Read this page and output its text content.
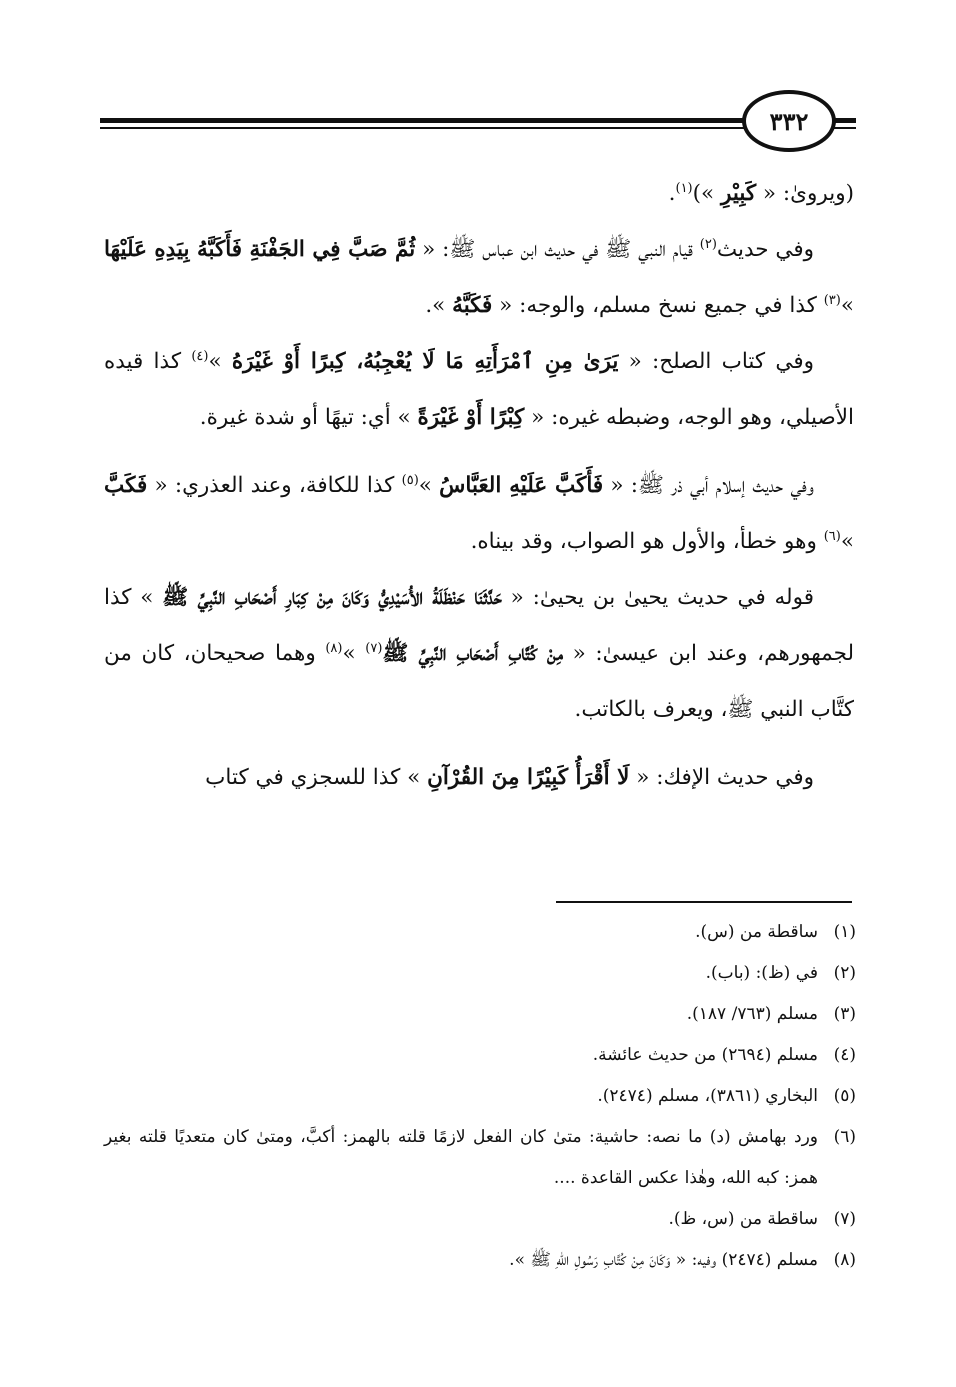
٣٣٢

(ويروىٰ: « كَبِيْرِ »)$^{(١)}$.

وفي حديث$^{(٢)}$ قيام النبي ﷺ في حديث ابن عباس ﷺ: « ثُمَّ صَبَّ فِي الجَفْنَةِ فَأَكَبَّهُ بِيَدِهِ عَلَيْهَا »$^{(٣)}$ كذا في جميع نسخ مسلم، والوجه: « فَكَبَّهُ ».

وفي كتاب الصلح: « يَرَىٰ مِنِ ٱمْرَأَتِهِ مَا لَا يُعْجِبُهُ، كِبرًا أَوْ غَيْرَهُ »$^{(٤)}$ كذا قيده الأصيلي، وهو الوجه، وضبطه غيره: « كِبْرًا أَوْ غَيْرَةً » أي: تيهًا أو شدة غيرة.

وفي حديث إسلام أبي ذر ﷺ: « فَأَكَبَّ عَلَيْهِ العَبَّاسُ »$^{(٥)}$ كذا للكافة، وعند العذري: « فَكَبَّ »$^{(٦)}$ وهو خطأ، والأول هو الصواب، وقد بيناه.

قوله في حديث يحيىٰ بن يحيىٰ: « حَدَّثَنَا حَنْظَلَةُ الأُسَيْدِيُّ وَكَانَ مِنْ كِبَارِ أَصْحَابِ النَّبِيِّ ﷺ » كذا لجمهورهم، وعند ابن عيسىٰ: « مِنْ كُتَّابِ أَصْحَابِ النَّبِيِّ ﷺ$^{(٧)}$ »$^{(٨)}$ وهما صحيحان، كان من كتَّاب النبي ﷺ، ويعرف بالكاتب.

وفي حديث الإفك: « لَا أَقْرَأُ كَبِيْرًا مِنَ القُرْآنِ » كذا للسجزي في كتاب

(١)
ساقطة من (س).
(٢)
في (ظ): (باب).
(٣)
مسلم (٧٦٣/ ١٨٧).
(٤)
مسلم (٢٦٩٤) من حديث عائشة.
(٥)
البخاري (٣٨٦١)، مسلم (٢٤٧٤).
(٦)
ورد بهامش (د) ما نصه: حاشية: متىٰ كان الفعل لازمًا قلته بالهمز: أكبَّ، ومتىٰ كان متعديًا قلته بغير همز: كبه الله، وهٰذا عكس القاعدة ....
(٧)
ساقطة من (س، ظ).
(٨)
مسلم (٢٤٧٤) وفيه: « وَكَانَ مِنْ كُتَّابِ رَسُولِ اللهِ ﷺ ».
